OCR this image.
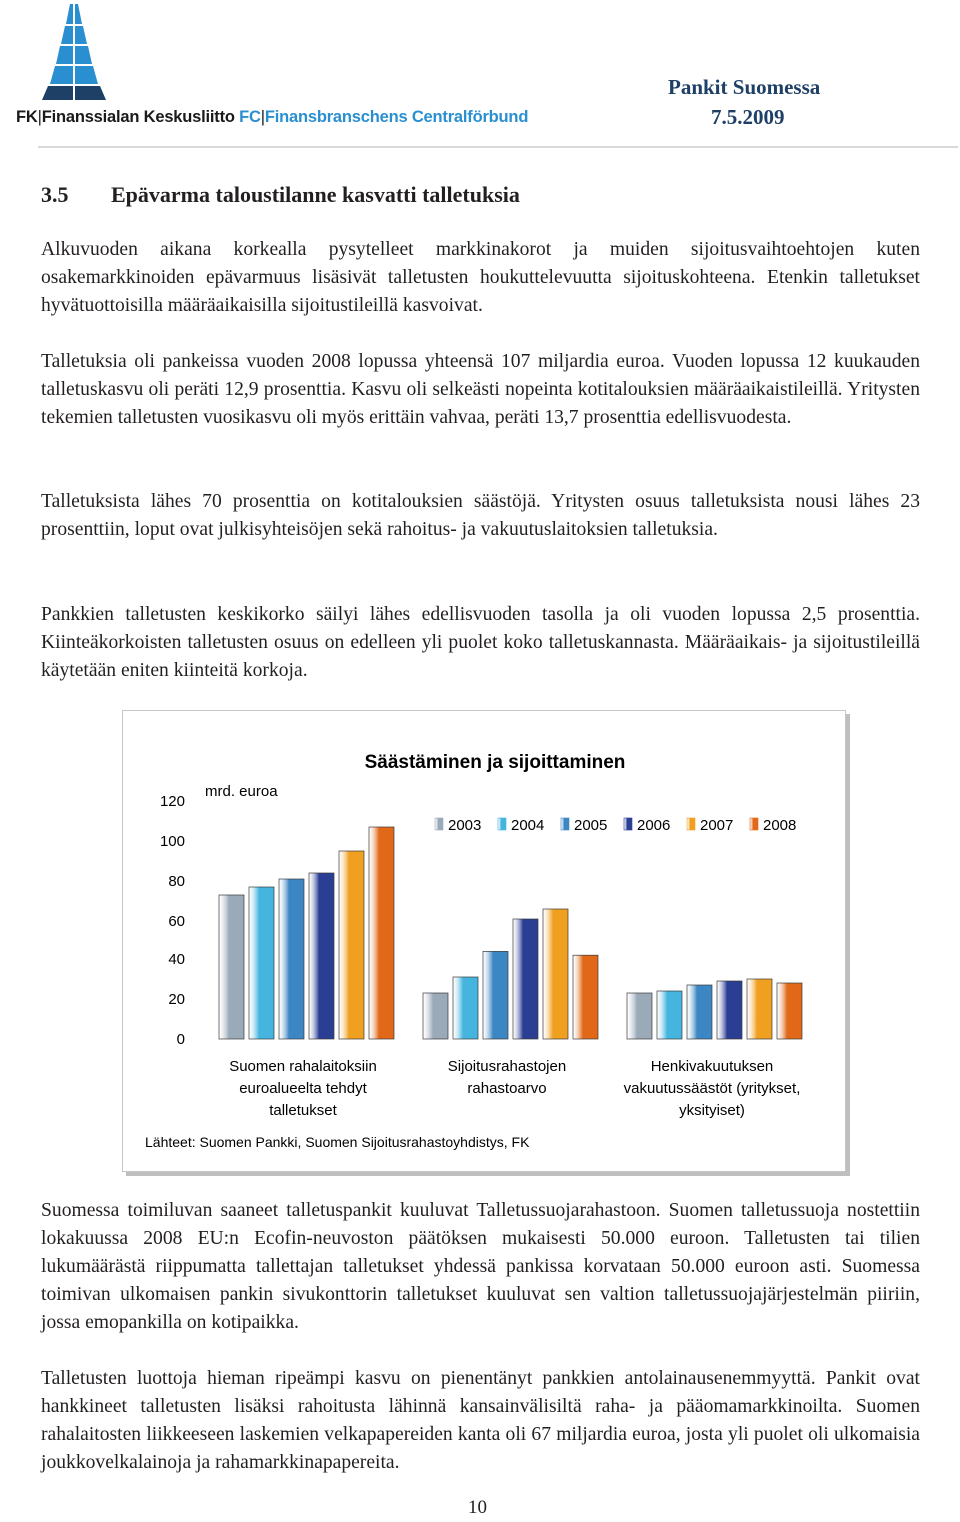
FK|Finanssialan Keskusliitto FC|Finansbranschens Centralförbund
Pankit Suomessa
7.5.2009
3.5 Epävarma taloustilanne kasvatti talletuksia
Alkuvuoden aikana korkealla pysytelleet markkinakorot ja muiden sijoitusvaihtoehtojen kuten osakemarkkinoiden epävarmuus lisäsivät talletusten houkuttelevuutta sijoituskohteena. Etenkin talletukset hyvätuottoisilla määräaikaisilla sijoitustileillä kasvoivat.
Talletuksia oli pankeissa vuoden 2008 lopussa yhteensä 107 miljardia euroa. Vuoden lopussa 12 kuukauden talletuskasvu oli peräti 12,9 prosenttia. Kasvu oli selkeästi nopeinta kotitalouksien määräaikaistileillä. Yritysten tekemien talletusten vuosikasvu oli myös erittäin vahvaa, peräti 13,7 prosenttia edellisvuodesta.
Talletuksista lähes 70 prosenttia on kotitalouksien säästöjä. Yritysten osuus talletuksista nousi lähes 23 prosenttiin, loput ovat julkisyhteisöjen sekä rahoitus- ja vakuutuslaitoksien talletuksia.
Pankkien talletusten keskikorko säilyi lähes edellisvuoden tasolla ja oli vuoden lopussa 2,5 prosenttia. Kiinteäkorkoisten talletusten osuus on edelleen yli puolet koko talletuskannasta. Määräaikais- ja sijoitustileillä käytetään eniten kiinteitä korkoja.
Säästäminen ja sijoittaminen
mrd. euroa
0
20
40
60
80
100
120
2003 2004 2005 2006 2007 2008
Suomen rahalaitoksiin
euroalueelta tehdyt
talletukset
Sijoitusrahastojen
rahastoarvo
Henkivakuutuksen
vakuutussäästöt (yritykset,
yksityiset)
Lähteet: Suomen Pankki, Suomen Sijoitusrahastoyhdistys, FK
Suomessa toimiluvan saaneet talletuspankit kuuluvat Talletussuojarahastoon. Suomen talletussuoja nostettiin lokakuussa 2008 EU:n Ecofin-neuvoston päätöksen mukaisesti 50.000 euroon. Talletusten tai tilien lukumäärästä riippumatta tallettajan talletukset yhdessä pankissa korvataan 50.000 euroon asti. Suomessa toimivan ulkomaisen pankin sivukonttorin talletukset kuuluvat sen valtion talletussuojajärjestelmän piiriin, jossa emopankilla on kotipaikka.
Talletusten luottoja hieman ripeämpi kasvu on pienentänyt pankkien antolainausenemmyyttä. Pankit ovat hankkineet talletusten lisäksi rahoitusta lähinnä kansainvälisiltä raha- ja pääomamarkkinoilta. Suomen rahalaitosten liikkeeseen laskemien velkapapereiden kanta oli 67 miljardia euroa, josta yli puolet oli ulkomaisia joukkovelkalainoja ja rahamarkkinapapereita.
10
